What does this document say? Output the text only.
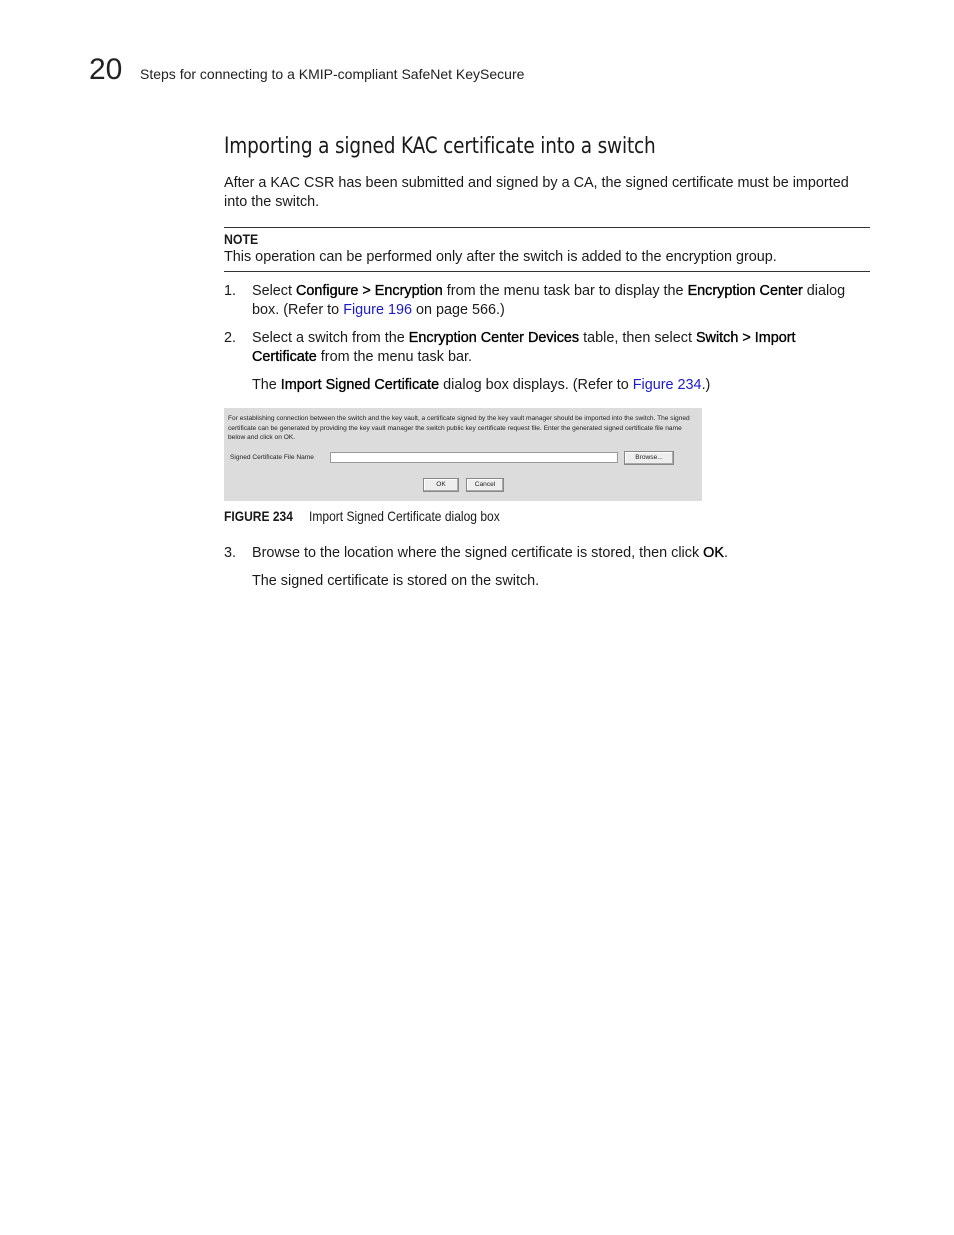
20 Steps for connecting to a KMIP-compliant SafeNet KeySecure
Importing a signed KAC certificate into a switch
After a KAC CSR has been submitted and signed by a CA, the signed certificate must be imported into the switch.
NOTE
This operation can be performed only after the switch is added to the encryption group.
1. Select Configure > Encryption from the menu task bar to display the Encryption Center dialog box. (Refer to Figure 196 on page 566.)
2. Select a switch from the Encryption Center Devices table, then select Switch > Import Certificate from the menu task bar.
The Import Signed Certificate dialog box displays. (Refer to Figure 234.)
For establishing connection between the switch and the key vault, a certificate signed by the key vault manager should be imported into the switch. The signed certificate can be generated by providing the key vault manager the switch public key certificate request file. Enter the generated signed certificate file name below and click on OK.
Signed Certificate File Name	Browse...
OK	Cancel
FIGURE 234 Import Signed Certificate dialog box
3. Browse to the location where the signed certificate is stored, then click OK.
The signed certificate is stored on the switch.
